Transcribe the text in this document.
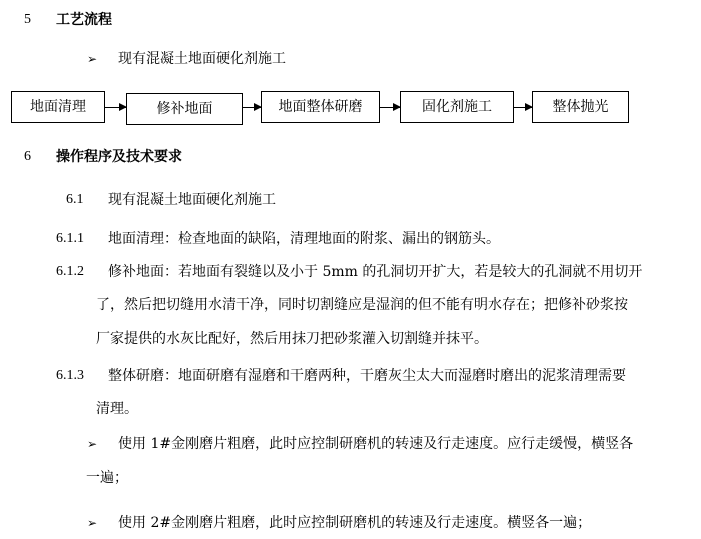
5 工艺流程
➢ 现有混凝土地面硬化剂施工
地面清理	修补地面	地面整体研磨	固化剂施工	整体抛光
6 操作程序及技术要求
6.1 现有混凝土地面硬化剂施工
6.1.1 地面清理：检查地面的缺陷，清理地面的附浆、漏出的钢筋头。
6.1.2 修补地面：若地面有裂缝以及小于 5mm 的孔洞切开扩大，若是较大的孔洞就不用切开
了，然后把切缝用水清干净，同时切割缝应是湿润的但不能有明水存在；把修补砂浆按
厂家提供的水灰比配好，然后用抹刀把砂浆灌入切割缝并抹平。
6.1.3 整体研磨：地面研磨有湿磨和干磨两种，干磨灰尘太大而湿磨时磨出的泥浆清理需要
清理。
➢ 使用 1#金刚磨片粗磨，此时应控制研磨机的转速及行走速度。应行走缓慢，横竖各
一遍；
➢ 使用 2#金刚磨片粗磨，此时应控制研磨机的转速及行走速度。横竖各一遍；
